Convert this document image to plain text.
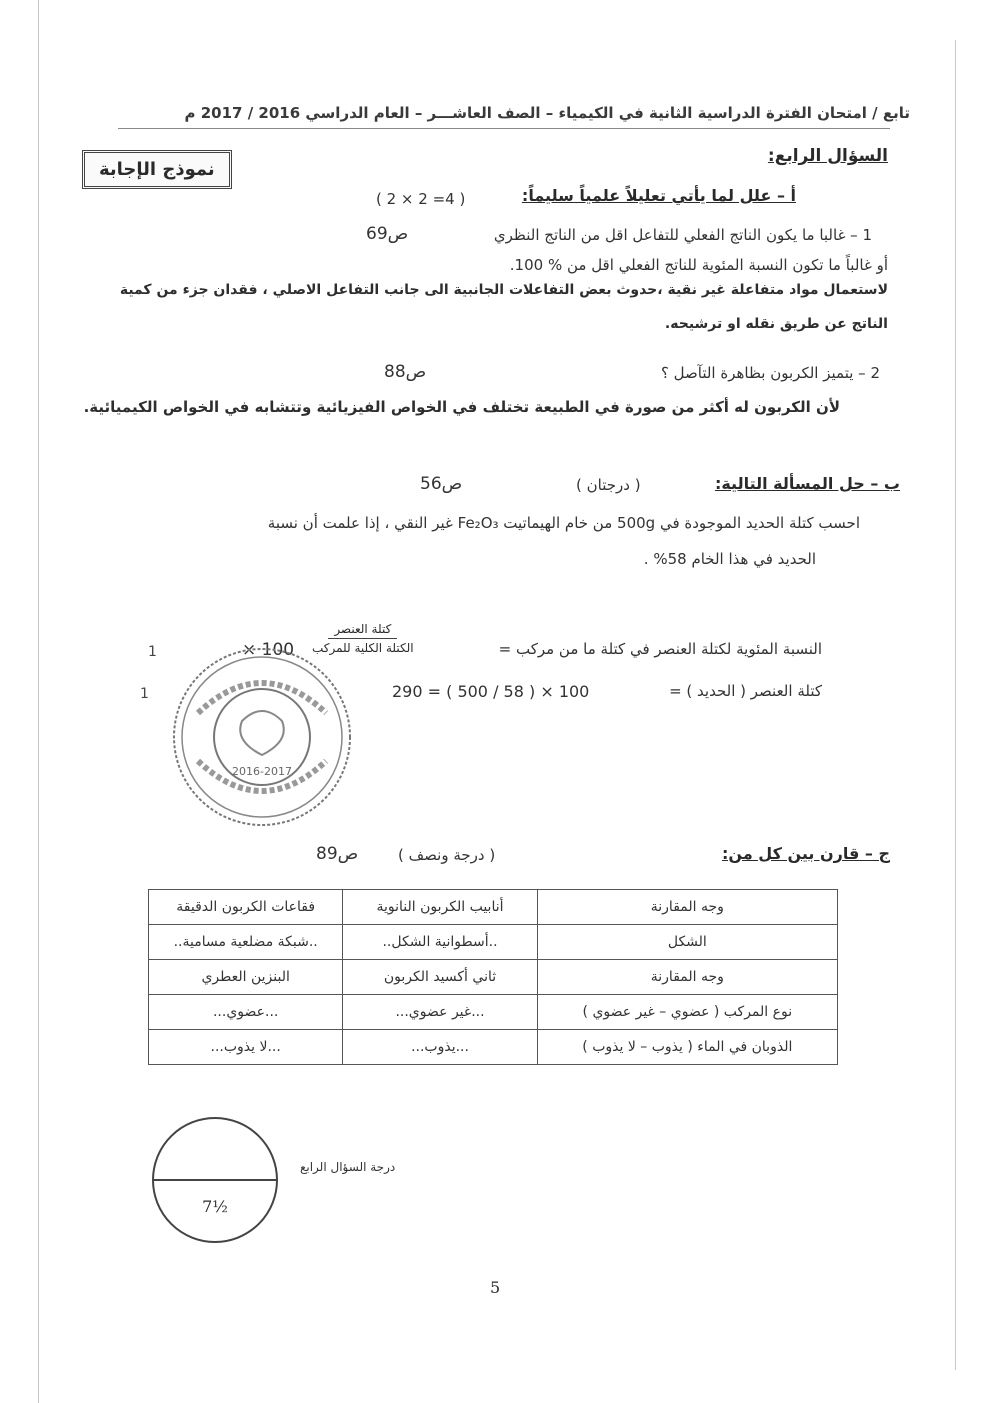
تابع / امتحان الفترة الدراسية الثانية في الكيمياء – الصف العاشـــر – العام الدراسي 2016 / 2017 م
نموذج الإجابة
السؤال الرابع:
أ – علل لما يأتي تعليلاً علمياً سليماً:
( 2 × 2 =4 )
1 – غالبا ما يكون الناتج الفعلي للتفاعل اقل من الناتج النظري
ص69
أو غالباً ما تكون النسبة المئوية للناتج الفعلي اقل من % 100.
لاستعمال مواد متفاعلة غير نقية ،حدوث بعض التفاعلات الجانبية الى جانب التفاعل الاصلي ، فقدان جزء من كمية
الناتج عن طريق نقله او ترشيحه.
2 – يتميز الكربون بظاهرة التآصل ؟
ص88
لأن الكربون له أكثر من صورة في الطبيعة تختلف في الخواص الفيزيائية وتتشابه في الخواص الكيميائية.
ب – حل المسألة التالية:
( درجتان )
ص56
احسب كتلة الحديد الموجودة في 500g من خام الهيماتيت Fe₂O₃ غير النقي ، إذا علمت أن نسبة
الحديد في هذا الخام 58% .
النسبة المئوية لكتلة العنصر في كتلة ما من مركب =
كتلة العنصر
الكتلة الكلية للمركب
× 100
1
كتلة العنصر ( الحديد ) =
290 = ( 500 / 58 ) × 100
1
2016-2017
ج – قارن بين كل من:
( درجة ونصف )
ص89
وجه المقارنة	أنابيب الكربون النانوية	فقاعات الكربون الدقيقة
الشكل	..أسطوانية الشكل..	..شبكة مضلعية مسامية..
وجه المقارنة	ثاني أكسيد الكربون	البنزين العطري
نوع المركب ( عضوي – غير عضوي )	...غير عضوي...	...عضوي...
الذوبان في الماء ( يذوب – لا يذوب )	...يذوب...	...لا يذوب...
7½
درجة السؤال الرابع
5
